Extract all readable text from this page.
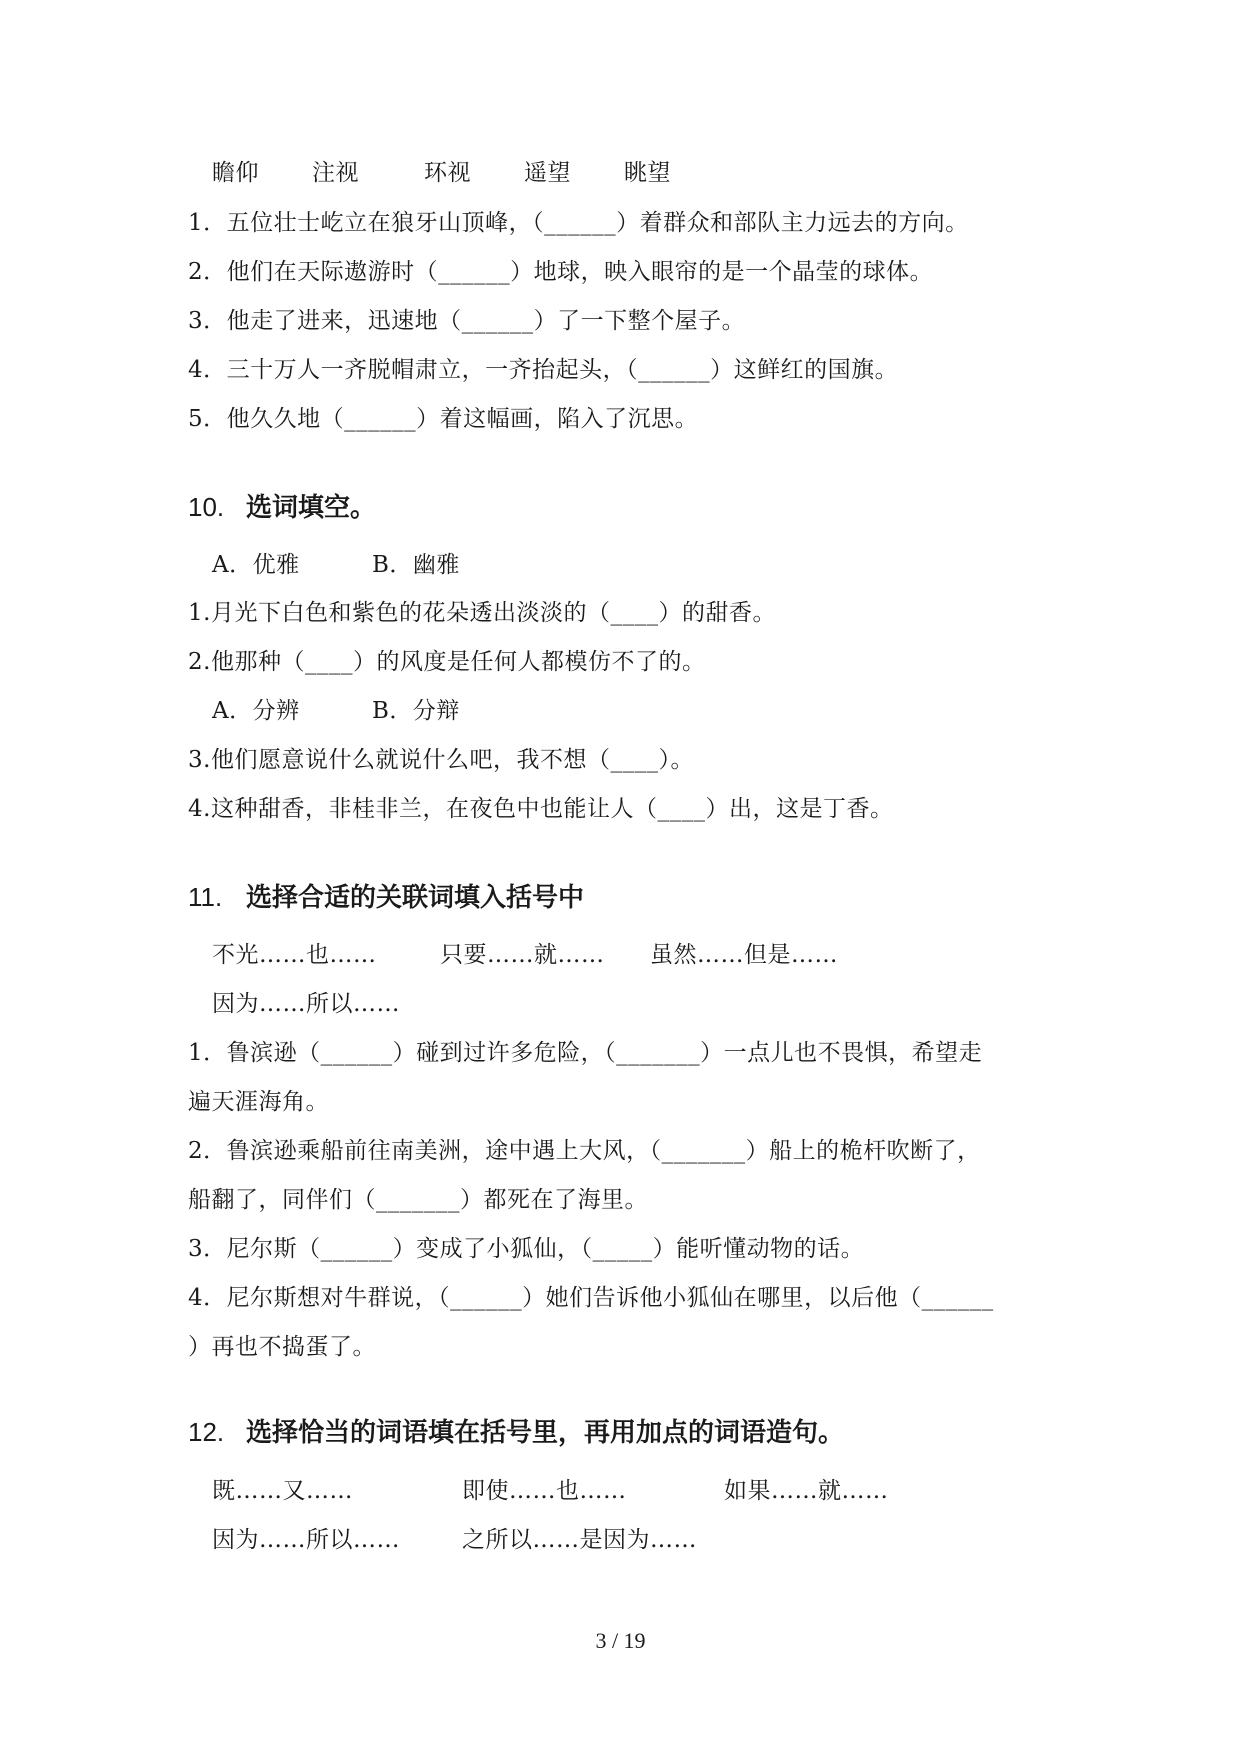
瞻仰 注视	环视 遥望 眺望
1．五位壮士屹立在狼牙山顶峰，（______）着群众和部队主力远去的方向。
2．他们在天际遨游时（______）地球，映入眼帘的是一个晶莹的球体。
3．他走了进来，迅速地（______）了一下整个屋子。
4．三十万人一齐脱帽肃立，一齐抬起头，（______）这鲜红的国旗。
5．他久久地（______）着这幅画，陷入了沉思。
10. 选词填空。
A．优雅	B．幽雅
1.月光下白色和紫色的花朵透出淡淡的（____）的甜香。
2.他那种（____）的风度是任何人都模仿不了的。
A．分辨	B．分辩
3.他们愿意说什么就说什么吧，我不想（____）。
4.这种甜香，非桂非兰，在夜色中也能让人（____）出，这是丁香。
11. 选择合适的关联词填入括号中
不光……也……	只要……就…… 虽然……但是……
因为……所以……
1．鲁滨逊（______）碰到过许多危险，（_______）一点儿也不畏惧，希望走
遍天涯海角。
2．鲁滨逊乘船前往南美洲，途中遇上大风，（_______）船上的桅杆吹断了，
船翻了，同伴们（_______）都死在了海里。
3．尼尔斯（______）变成了小狐仙，（_____）能听懂动物的话。
4．尼尔斯想对牛群说，（______）她们告诉他小狐仙在哪里，以后他（______
）再也不捣蛋了。
12. 选择恰当的词语填在括号里，再用加点的词语造句。
既……又……	即使……也……	如果……就……
因为……所以……	之所以……是因为……
3 / 19
